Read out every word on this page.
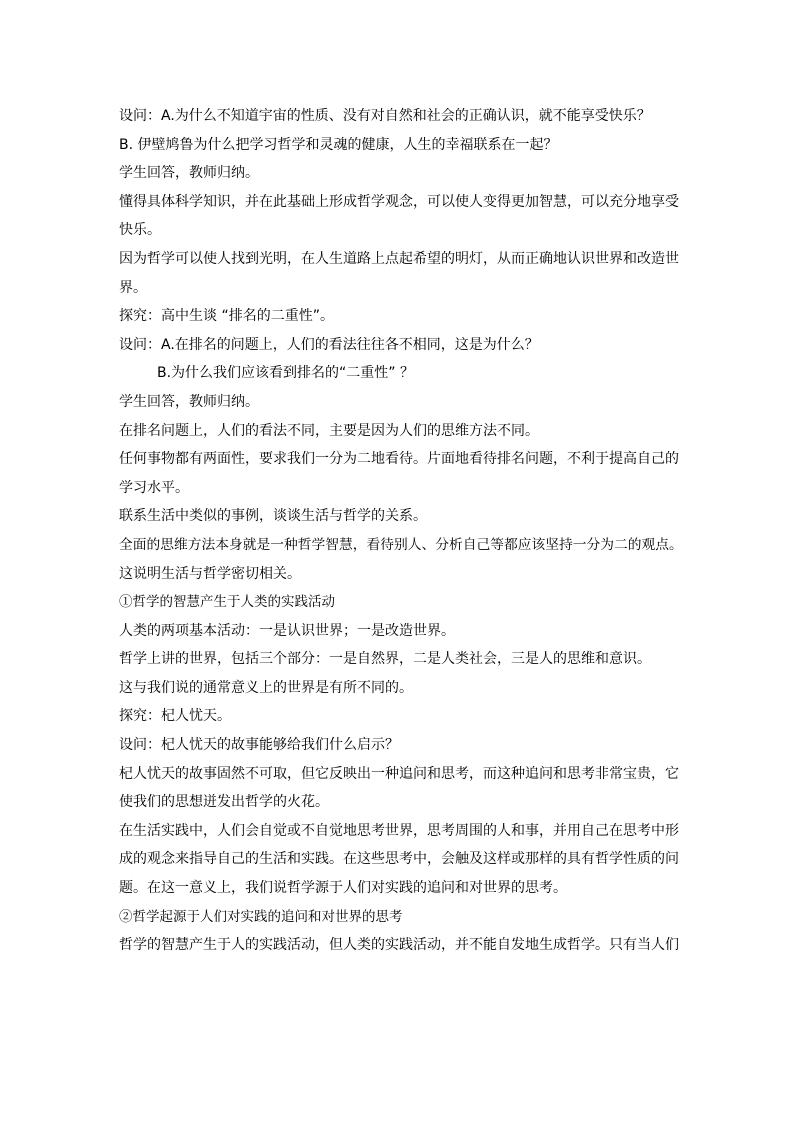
设问：A.为什么不知道宇宙的性质、没有对自然和社会的正确认识，就不能享受快乐？
B. 伊壁鸠鲁为什么把学习哲学和灵魂的健康，人生的幸福联系在一起？
学生回答，教师归纳。
懂得具体科学知识，并在此基础上形成哲学观念，可以使人变得更加智慧，可以充分地享受
快乐。
因为哲学可以使人找到光明，在人生道路上点起希望的明灯，从而正确地认识世界和改造世
界。
探究：高中生谈 “排名的二重性”。
设问：A.在排名的问题上，人们的看法往往各不相同，这是为什么？
B.为什么我们应该看到排名的“二重性” ？
学生回答，教师归纳。
在排名问题上，人们的看法不同，主要是因为人们的思维方法不同。
任何事物都有两面性，要求我们一分为二地看待。片面地看待排名问题，不利于提高自己的
学习水平。
联系生活中类似的事例，谈谈生活与哲学的关系。
全面的思维方法本身就是一种哲学智慧，看待别人、分析自己等都应该坚持一分为二的观点。
这说明生活与哲学密切相关。
①哲学的智慧产生于人类的实践活动
人类的两项基本活动：一是认识世界；一是改造世界。
哲学上讲的世界，包括三个部分：一是自然界，二是人类社会，三是人的思维和意识。
这与我们说的通常意义上的世界是有所不同的。
探究：杞人忧天。
设问：杞人忧天的故事能够给我们什么启示？
杞人忧天的故事固然不可取，但它反映出一种追问和思考，而这种追问和思考非常宝贵，它
使我们的思想迸发出哲学的火花。
在生活实践中，人们会自觉或不自觉地思考世界，思考周围的人和事，并用自己在思考中形
成的观念来指导自己的生活和实践。在这些思考中，会触及这样或那样的具有哲学性质的问
题。在这一意义上，我们说哲学源于人们对实践的追问和对世界的思考。
②哲学起源于人们对实践的追问和对世界的思考
哲学的智慧产生于人的实践活动，但人类的实践活动，并不能自发地生成哲学。只有当人们
